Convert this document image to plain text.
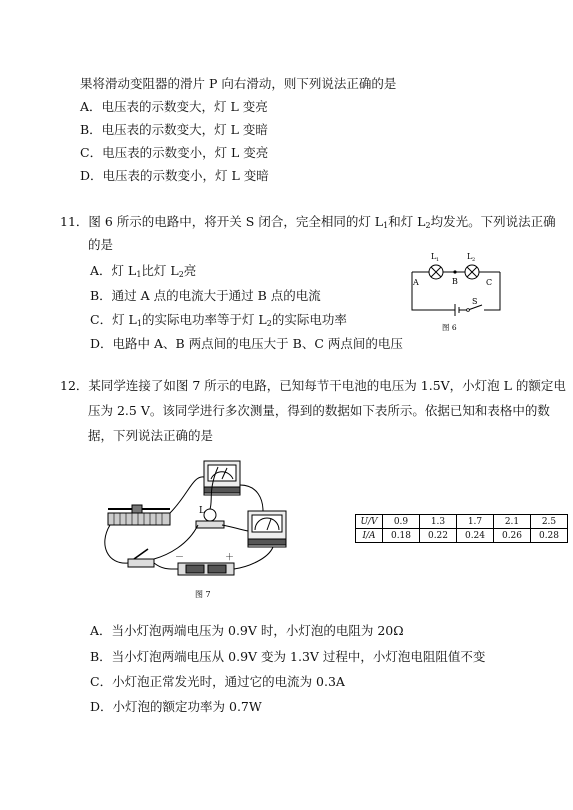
果将滑动变阻器的滑片 P 向右滑动，则下列说法正确的是
A．电压表的示数变大，灯 L 变亮
B．电压表的示数变大，灯 L 变暗
C．电压表的示数变小，灯 L 变亮
D．电压表的示数变小，灯 L 变暗
11．图 6 所示的电路中，将开关 S 闭合，完全相同的灯 $L_1$和灯 $L_2$均发光。下列说法正确
的是
A．灯 $L_1$比灯 $L_2$亮
B．通过 A 点的电流大于通过 B 点的电流
C．灯 $L_1$的实际电功率等于灯 $L_2$的实际电功率
D．电路中 A、B 两点间的电压大于 B、C 两点间的电压
L 1	L 2
A	B	C
S
图 6
12．某同学连接了如图 7 所示的电路，已知每节干电池的电压为 1.5V，小灯泡 L 的额定电
压为 2.5 V。该同学进行多次测量，得到的数据如下表所示。依据已知和表格中的数
据，下列说法正确的是
L
－	＋
图 7
U/V	0.9	1.3	1.7	2.1	2.5
I/A	0.18	0.22	0.24	0.26	0.28
A．当小灯泡两端电压为 0.9V 时，小灯泡的电阻为 20Ω
B．当小灯泡两端电压从 0.9V 变为 1.3V 过程中，小灯泡电阻阻值不变
C．小灯泡正常发光时，通过它的电流为 0.3A
D．小灯泡的额定功率为 0.7W
